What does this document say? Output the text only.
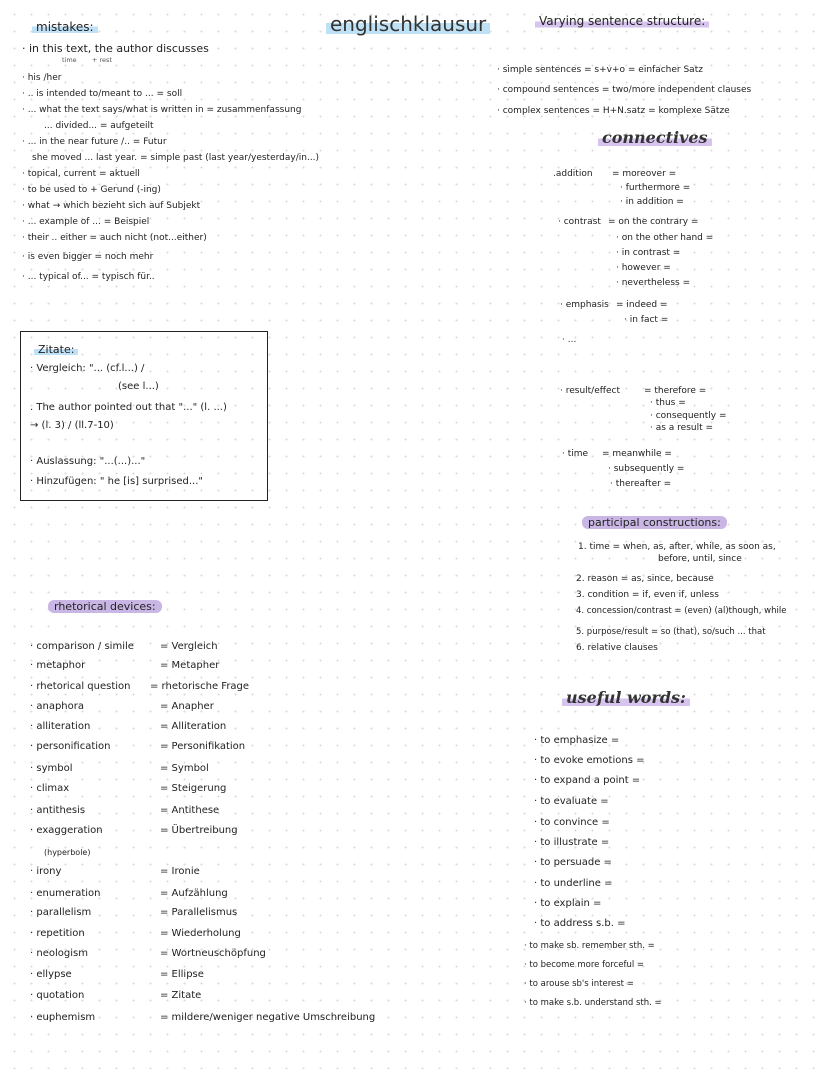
englischklausur
mistakes:
· in this text, the author discusses
time + rest
· his /her
· .. is intended to/meant to ... = soll
· ... what the text says/what is written in = zusammenfassung
... divided... = aufgeteilt
· ... in the near future /.. = Futur
she moved ... last year. = simple past (last year/yesterday/in...)
· topical, current = aktuell
· to be used to + Gerund (-ing)
· what → which bezieht sich auf Subjekt
· ... example of ... = Beispiel
· their .. either = auch nicht (not...either)
· is even bigger = noch mehr
· ... typical of... = typisch für..
Zitate:
· Vergleich: "... (cf.l...) /
(see l...)
. The author pointed out that "..." (l. ...)
→ (l. 3) / (ll.7-10)
· Auslassung: "...(...)..."
· Hinzufügen: " he [is] surprised..."
rhetorical devices:
· comparison / simile	= Vergleich
· metaphor	= Metapher
· rhetorical question = rhetorische Frage
· anaphora	= Anapher
· alliteration	= Alliteration
· personification	= Personifikation
· symbol	= Symbol
· climax	= Steigerung
· antithesis	= Antithese
· exaggeration	= Übertreibung
· irony	= Ironie
· enumeration	= Aufzählung
· parallelism	= Parallelismus
· repetition	= Wiederholung
· neologism	= Wortneuschöpfung
· ellypse	= Ellipse
· quotation	= Zitate
· euphemism	= mildere/weniger negative Umschreibung
(hyperbole)
Varying sentence structure:
· simple sentences = s+v+o = einfacher Satz
· compound sentences = two/more independent clauses
· complex sentences = H+N.satz = komplexe Sätze
connectives
.addition = moreover =
· furthermore =
· in addition =
· contrast = on the contrary =
· on the other hand =
· in contrast =
· however =
· nevertheless =
· emphasis = indeed =
· in fact =
· ...
· result/effect	= therefore =
· thus =
· consequently =
· as a result =
· time = meanwhile =
· subsequently =
· thereafter =
participal constructions:
1. time = when, as, after, while, as soon as,
before, until, since
2. reason = as, since, because
3. condition = if, even if, unless
4. concession/contrast = (even) (al)though, while
5. purpose/result = so (that), so/such ... that
6. relative clauses
useful words:
· to emphasize =
· to evoke emotions =
· to expand a point =
· to evaluate =
· to convince =
· to illustrate =
· to persuade =
· to underline =
· to explain =
· to address s.b. =
· to make sb. remember sth. =
· to become more forceful =
· to arouse sb's interest =
· to make s.b. understand sth. =
